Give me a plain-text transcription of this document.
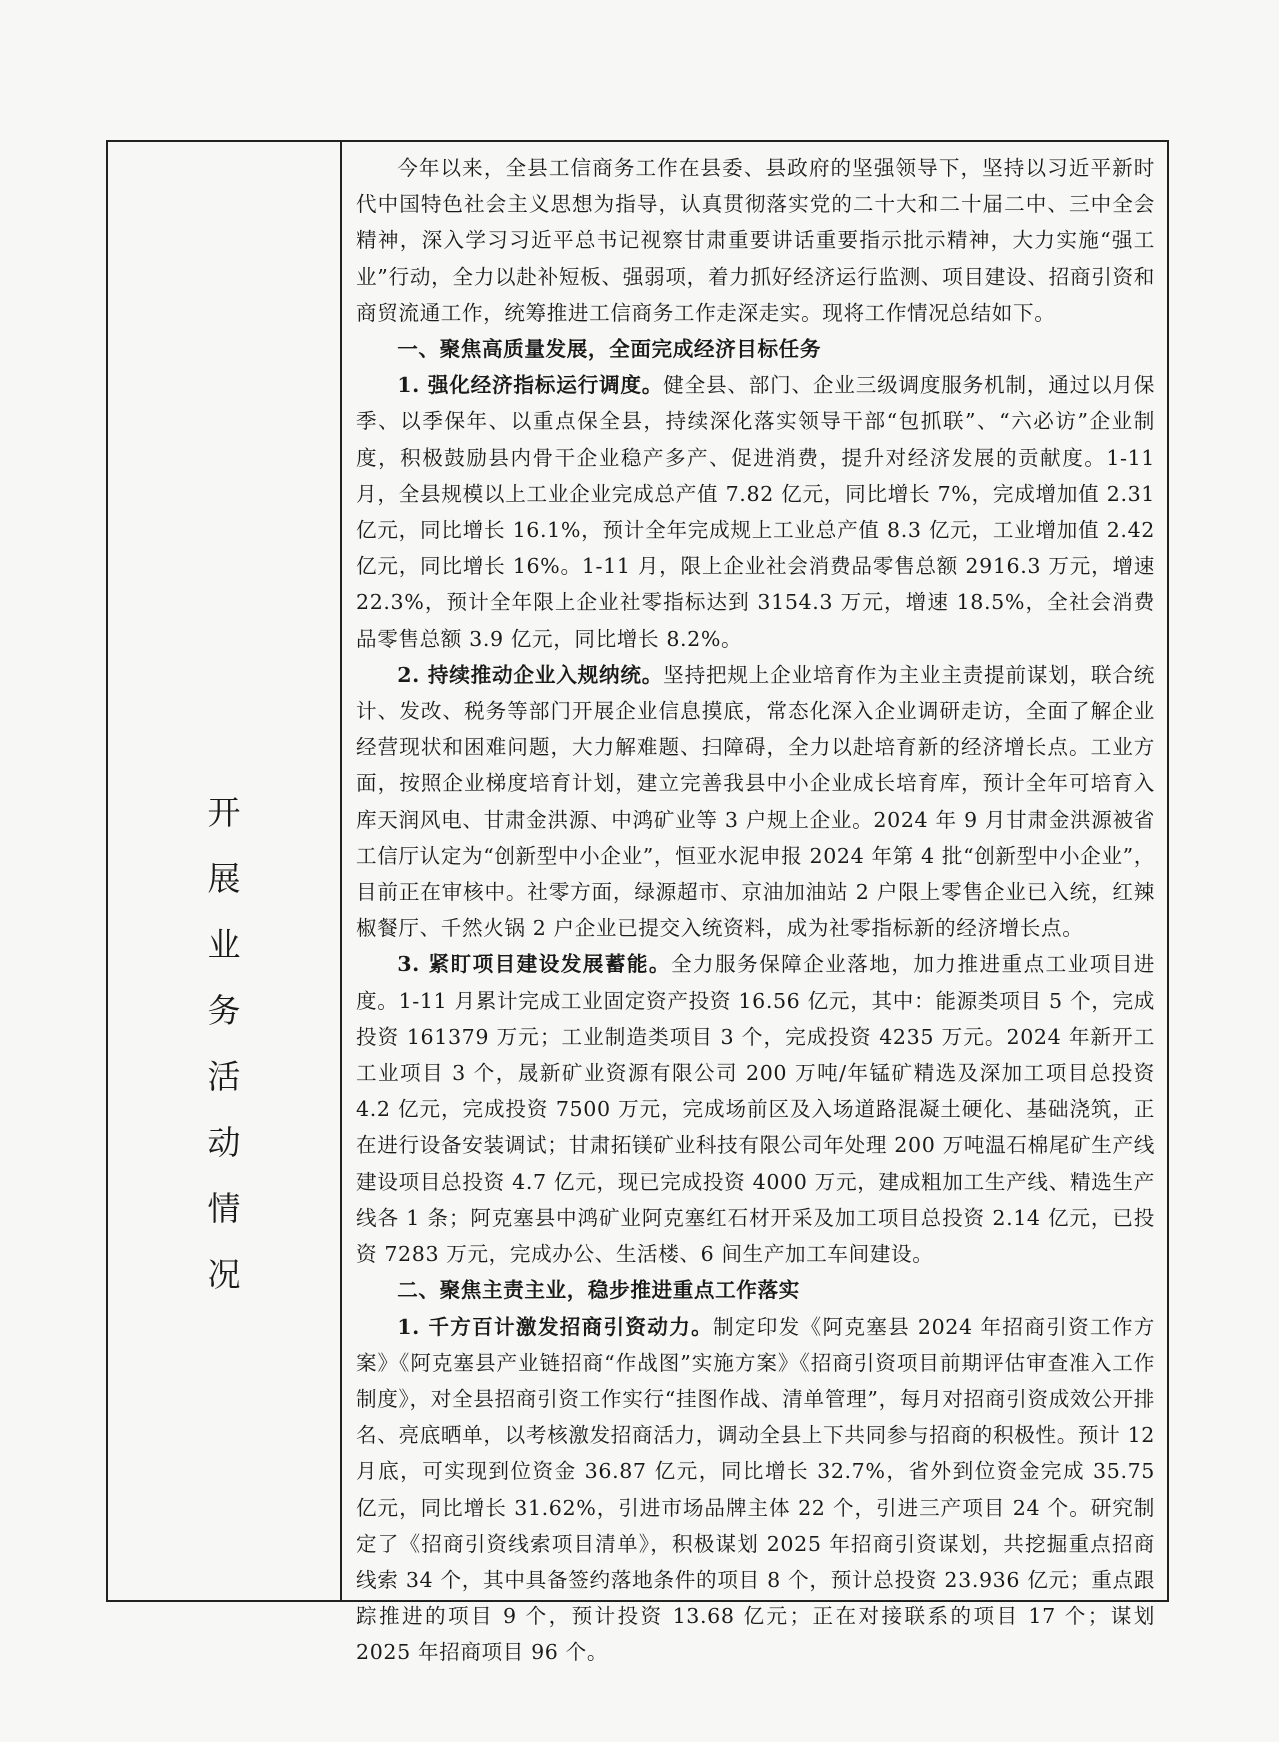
开
展
业
务
活
动
情
况

今年以来，全县工信商务工作在县委、县政府的坚强领导下，坚持以习近平新时代中国特色社会主义思想为指导，认真贯彻落实党的二十大和二十届二中、三中全会精神，深入学习习近平总书记视察甘肃重要讲话重要指示批示精神，大力实施“强工业”行动，全力以赴补短板、强弱项，着力抓好经济运行监测、项目建设、招商引资和商贸流通工作，统筹推进工信商务工作走深走实。现将工作情况总结如下。

一、聚焦高质量发展，全面完成经济目标任务

1. 强化经济指标运行调度。健全县、部门、企业三级调度服务机制，通过以月保季、以季保年、以重点保全县，持续深化落实领导干部“包抓联”、“六必访”企业制度，积极鼓励县内骨干企业稳产多产、促进消费，提升对经济发展的贡献度。1-11 月，全县规模以上工业企业完成总产值 7.82 亿元，同比增长 7%，完成增加值 2.31 亿元，同比增长 16.1%，预计全年完成规上工业总产值 8.3 亿元，工业增加值 2.42 亿元，同比增长 16%。1-11 月，限上企业社会消费品零售总额 2916.3 万元，增速 22.3%，预计全年限上企业社零指标达到 3154.3 万元，增速 18.5%，全社会消费品零售总额 3.9 亿元，同比增长 8.2%。

2. 持续推动企业入规纳统。坚持把规上企业培育作为主业主责提前谋划，联合统计、发改、税务等部门开展企业信息摸底，常态化深入企业调研走访，全面了解企业经营现状和困难问题，大力解难题、扫障碍，全力以赴培育新的经济增长点。工业方面，按照企业梯度培育计划，建立完善我县中小企业成长培育库，预计全年可培育入库天润风电、甘肃金洪源、中鸿矿业等 3 户规上企业。2024 年 9 月甘肃金洪源被省工信厅认定为“创新型中小企业”，恒亚水泥申报 2024 年第 4 批“创新型中小企业”，目前正在审核中。社零方面，绿源超市、京油加油站 2 户限上零售企业已入统，红辣椒餐厅、千然火锅 2 户企业已提交入统资料，成为社零指标新的经济增长点。

3. 紧盯项目建设发展蓄能。全力服务保障企业落地，加力推进重点工业项目进度。1-11 月累计完成工业固定资产投资 16.56 亿元，其中：能源类项目 5 个，完成投资 161379 万元；工业制造类项目 3 个，完成投资 4235 万元。2024 年新开工工业项目 3 个，晟新矿业资源有限公司 200 万吨/年锰矿精选及深加工项目总投资 4.2 亿元，完成投资 7500 万元，完成场前区及入场道路混凝土硬化、基础浇筑，正在进行设备安装调试；甘肃拓镁矿业科技有限公司年处理 200 万吨温石棉尾矿生产线建设项目总投资 4.7 亿元，现已完成投资 4000 万元，建成粗加工生产线、精选生产线各 1 条；阿克塞县中鸿矿业阿克塞红石材开采及加工项目总投资 2.14 亿元，已投资 7283 万元，完成办公、生活楼、6 间生产加工车间建设。

二、聚焦主责主业，稳步推进重点工作落实

1. 千方百计激发招商引资动力。制定印发《阿克塞县 2024 年招商引资工作方案》《阿克塞县产业链招商“作战图”实施方案》《招商引资项目前期评估审查准入工作制度》，对全县招商引资工作实行“挂图作战、清单管理”，每月对招商引资成效公开排名、亮底晒单，以考核激发招商活力，调动全县上下共同参与招商的积极性。预计 12 月底，可实现到位资金 36.87 亿元，同比增长 32.7%，省外到位资金完成 35.75 亿元，同比增长 31.62%，引进市场品牌主体 22 个，引进三产项目 24 个。研究制定了《招商引资线索项目清单》，积极谋划 2025 年招商引资谋划，共挖掘重点招商线索 34 个，其中具备签约落地条件的项目 8 个，预计总投资 23.936 亿元；重点跟踪推进的项目 9 个，预计投资 13.68 亿元；正在对接联系的项目 17 个；谋划 2025 年招商项目 96 个。
